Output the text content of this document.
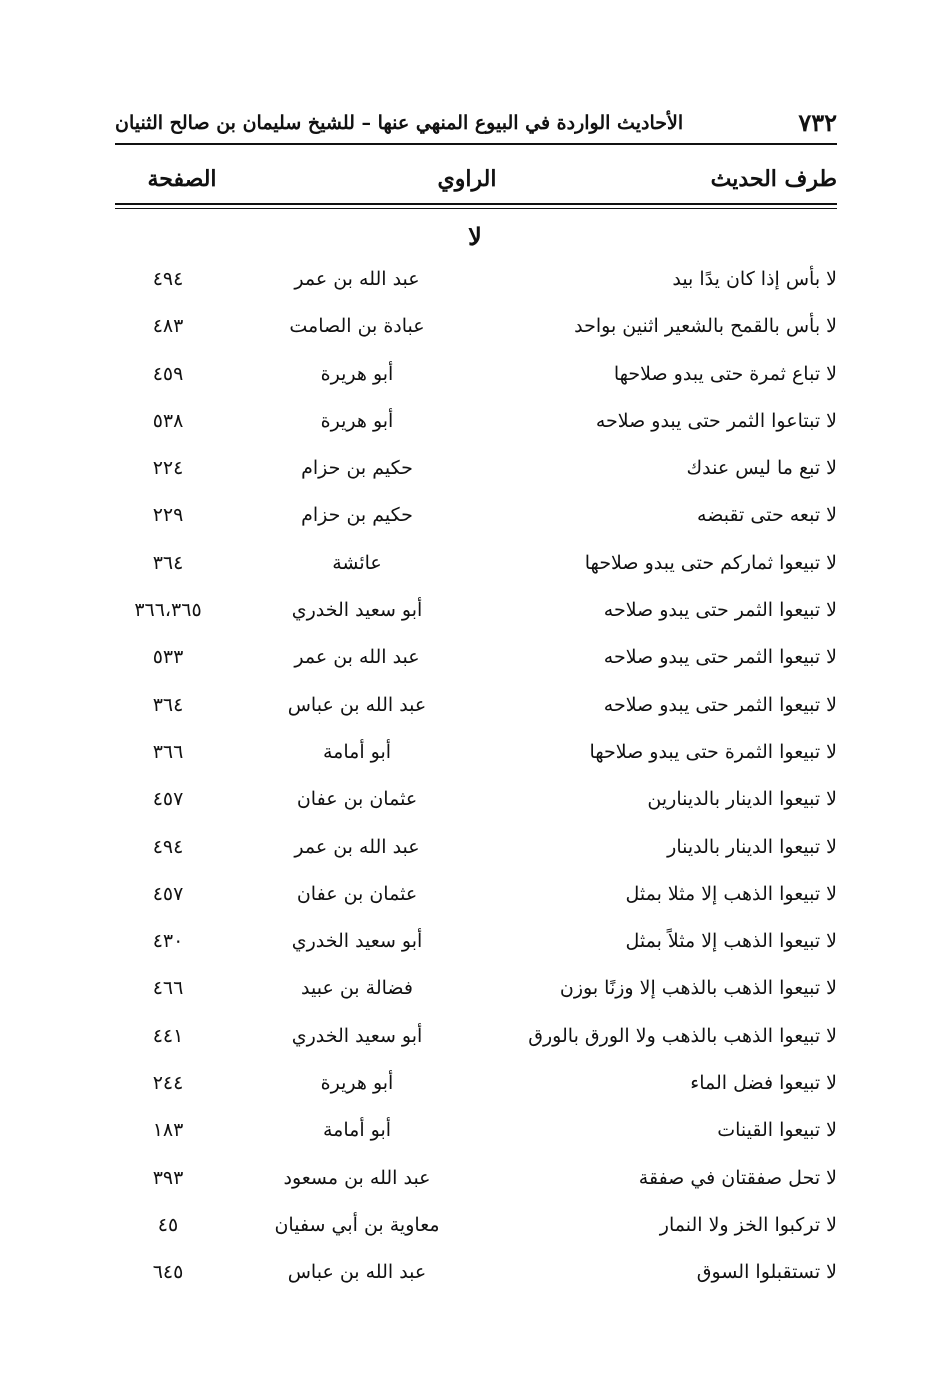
٧٣٢
الأحاديث الواردة في البيوع المنهي عنها – للشيخ سليمان بن صالح الثنيان
طرف الحديث
الراوي
الصفحة
لا
لا بأس إذا كان يدًا بيد
عبد الله بن عمر
٤٩٤
لا بأس بالقمح بالشعير اثنين بواحد
عبادة بن الصامت
٤٨٣
لا تباع ثمرة حتى يبدو صلاحها
أبو هريرة
٤٥٩
لا تبتاعوا الثمر حتى يبدو صلاحه
أبو هريرة
٥٣٨
لا تبع ما ليس عندك
حكيم بن حزام
٢٢٤
لا تبعه حتى تقبضه
حكيم بن حزام
٢٢٩
لا تبيعوا ثماركم حتى يبدو صلاحها
عائشة
٣٦٤
لا تبيعوا الثمر حتى يبدو صلاحه
أبو سعيد الخدري
٣٦٦،٣٦٥
لا تبيعوا الثمر حتى يبدو صلاحه
عبد الله بن عمر
٥٣٣
لا تبيعوا الثمر حتى يبدو صلاحه
عبد الله بن عباس
٣٦٤
لا تبيعوا الثمرة حتى يبدو صلاحها
أبو أمامة
٣٦٦
لا تبيعوا الدينار بالدينارين
عثمان بن عفان
٤٥٧
لا تبيعوا الدينار بالدينار
عبد الله بن عمر
٤٩٤
لا تبيعوا الذهب إلا مثلا بمثل
عثمان بن عفان
٤٥٧
لا تبيعوا الذهب إلا مثلاً بمثل
أبو سعيد الخدري
٤٣٠
لا تبيعوا الذهب بالذهب إلا وزنًا بوزن
فضالة بن عبيد
٤٦٦
لا تبيعوا الذهب بالذهب ولا الورق بالورق
أبو سعيد الخدري
٤٤١
لا تبيعوا فضل الماء
أبو هريرة
٢٤٤
لا تبيعوا القينات
أبو أمامة
١٨٣
لا تحل صفقتان في صفقة
عبد الله بن مسعود
٣٩٣
لا تركبوا الخز ولا النمار
معاوية بن أبي سفيان
٤٥
لا تستقبلوا السوق
عبد الله بن عباس
٦٤٥
